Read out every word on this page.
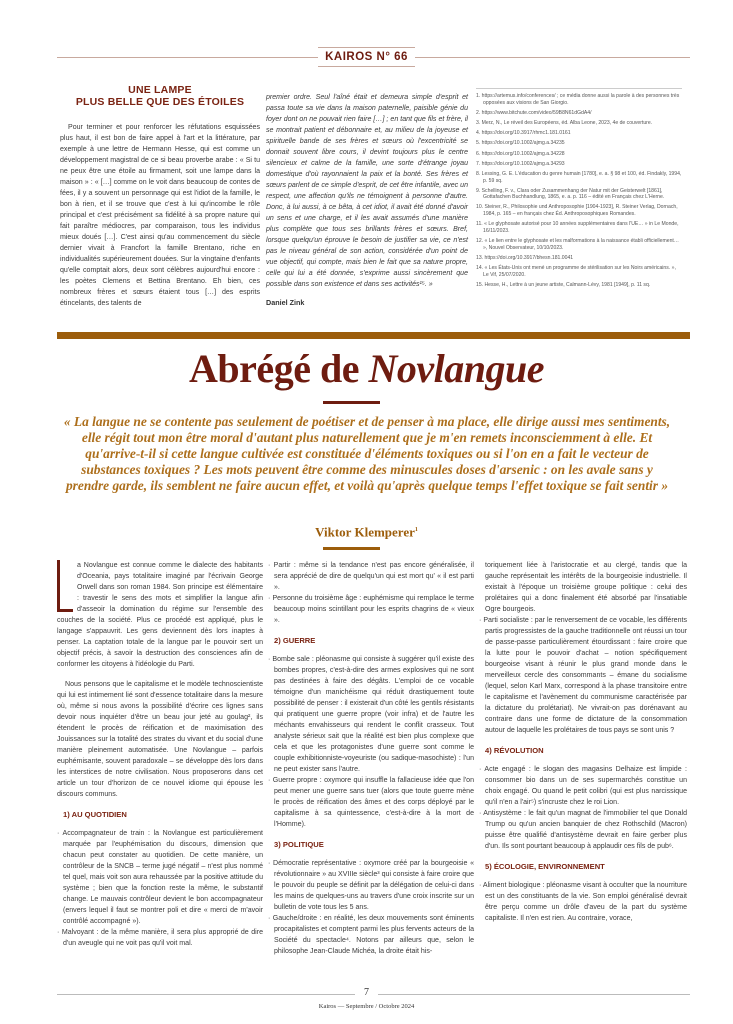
KAIROS N° 66
UNE LAMPE
PLUS BELLE QUE DES ÉTOILES
Pour terminer et pour renforcer les réfutations esquissées plus haut, il est bon de faire appel à l'art et la littérature, par exemple à une lettre de Hermann Hesse, qui est comme un développement magistral de ce si beau proverbe arabe : « Si tu ne peux être une étoile au firmament, soit une lampe dans la maison » : « […] comme on le voit dans beaucoup de contes de fées, il y a souvent un personnage qui est l'idiot de la famille, le bon à rien, et il se trouve que c'est à lui qu'incombe le rôle principal et c'est précisément sa fidélité à sa propre nature qui fait paraître médiocres, par comparaison, tous les individus mieux doués […]. C'est ainsi qu'au commencement du siècle dernier vivait à Francfort la famille Brentano, riche en individualités supérieurement douées. Sur la vingtaine d'enfants qu'elle comptait alors, deux sont célèbres aujourd'hui encore : les poètes Clemens et Bettina Brentano. Eh bien, ces nombreux frères et sœurs étaient tous […] des esprits étincelants, des talents de
premier ordre. Seul l'aîné était et demeura simple d'esprit et passa toute sa vie dans la maison paternelle, paisible génie du foyer dont on ne pouvait rien faire […] ; en tant que fils et frère, il se montrait patient et débonnaire et, au milieu de la joyeuse et spirituelle bande de ses frères et sœurs où l'excentricité se donnait souvent libre cours, il devint toujours plus le centre silencieux et calme de la famille, une sorte d'étrange joyau domestique d'où rayonnaient la paix et la bonté. Ses frères et sœurs parlent de ce simple d'esprit, de cet être infantile, avec un respect, une affection qu'ils ne témoignent à personne d'autre. Donc, à lui aussi, à ce bêta, à cet idiot, il avait été donné d'avoir un sens et une charge, et il les avait assumés d'une manière plus complète que tous ses brillants frères et sœurs. Bref, lorsque quelqu'un éprouve le besoin de justifier sa vie, ce n'est pas le niveau général de son action, considérée d'un point de vue objectif, qui compte, mais bien le fait que sa nature propre, celle qui lui a été donnée, s'exprime aussi sincèrement que possible dans son existence et dans ses activités¹⁵. »
Daniel Zink
1. https://artemus.info/conferences/ ; ce média donne aussi la parole à des personnes très opposées aux visions de San Giorgio.
2. https://www.bitchute.com/video/59B8N61dGdA4/
3. Merz, N., Le réveil des Européens, éd. Alba Leone, 2023, 4e de couverture.
4. https://doi.org/10.3917/rhmc1.181.0161
5. https://doi.org/10.1002/ajmg.a.34235
6. https://doi.org/10.1002/ajmg.a.34228
7. https://doi.org/10.1002/ajmg.a.34293
8. Lessing, G. E. L'éducation du genre humain [1780], e. a. § 98 et 100, éd. Findakly, 1994, p. 59 sq.
9. Schelling, F. v., Clara oder Zusammenhang der Natur mit der Geisterwelt [1861], Gottafachen Buchhandlung, 1865, e. a. p. 116 – édité en Français chez L'Herne.
10. Steiner, R., Philosophie und Anthroposophie [1904-1923], R. Steiner Verlag, Dornach, 1984, p. 165 – en français chez Éd. Anthroposophiques Romandes.
11. « Le glyphosate autorisé pour 10 années supplémentaires dans l'UE… » in Le Monde, 16/11/2023.
12. « Le lien entre le glyphosate et les malformations à la naissance établi officiellement… », Nouvel Observateur, 10/10/2023.
13. https://doi.org/10.3917/bhesn.181.0041
14. « Les États-Unis ont mené un programme de stérilisation sur les Noirs américains. », Le Vif, 25/07/2020.
15. Hesse, H., Lettre à un jeune artiste, Calmann-Lévy, 1981 [1949], p. 11 sq.
Abrégé de Novlangue
« La langue ne se contente pas seulement de poétiser et de penser à ma place, elle dirige aussi mes sentiments, elle régit tout mon être moral d'autant plus naturellement que je m'en remets inconsciemment à elle. Et qu'arrive-t-il si cette langue cultivée est constituée d'éléments toxiques ou si l'on en a fait le vecteur de substances toxiques ? Les mots peuvent être comme des minuscules doses d'arsenic : on les avale sans y prendre garde, ils semblent ne faire aucun effet, et voilà qu'après quelque temps l'effet toxique se fait sentir »
Viktor Klemperer$^1$
a Novlangue est connue comme le dialecte des habitants d'Oceania, pays totalitaire imaginé par l'écrivain George Orwell dans son roman 1984. Son principe est élémentaire : travestir le sens des mots et simplifier la langue afin d'asseoir la domination du régime sur l'ensemble des couches de la société. Plus ce procédé est appliqué, plus le langage s'appauvrit. Les gens deviennent dès lors inaptes à penser. La captation totale de la langue par le pouvoir sert un objectif précis, à savoir la destruction des consciences afin de conformer les citoyens à l'idéologie du Parti.
Nous pensons que le capitalisme et le modèle technoscientiste qui lui est intimement lié sont d'essence totalitaire dans la mesure où, même si nous avons la possibilité d'écrire ces lignes sans devoir nous inquiéter d'être un beau jour jeté au goulag², ils étendent le procès de réification et de maximisation des Jouissances sur la totalité des strates du vivant et du social d'une manière pleinement automatisée. Une Novlangue – parfois euphémisante, souvent paradoxale – se développe dès lors dans les interstices de notre civilisation. Nous proposerons dans cet article un tour d'horizon de ce nouvel idiome qui épouse les discours communs.
1) AU QUOTIDIEN
· Accompagnateur de train : la Novlangue est particulièrement marquée par l'euphémisation du discours, dimension que chacun peut constater au quotidien. De cette manière, un contrôleur de la SNCB – terme jugé négatif – n'est plus nommé tel quel, mais voit son aura rehaussée par la positive attitude du système ; bien que la fonction reste la même, le substantif change. Le mauvais contrôleur devient le bon accompagnateur (envers lequel il faut se montrer poli et dire « merci de m'avoir contrôlé accompagné »).
· Malvoyant : de la même manière, il sera plus approprié de dire d'un aveugle qui ne voit pas qu'il voit mal.
· Partir : même si la tendance n'est pas encore généralisée, il sera apprécié de dire de quelqu'un qui est mort qu' « il est parti ».
· Personne du troisième âge : euphémisme qui remplace le terme beaucoup moins scintillant pour les esprits chagrins de « vieux ».
2) GUERRE
· Bombe sale : pléonasme qui consiste à suggérer qu'il existe des bombes propres, c'est-à-dire des armes explosives qui ne sont pas destinées à faire des dégâts. L'emploi de ce vocable témoigne d'un manichéisme qui réduit drastiquement toute possibilité de penser : il existerait d'un côté les gentils résistants qui pratiquent une guerre propre (voir infra) et de l'autre les méchants envahisseurs qui rendent le conflit crasseux. Tout analyste sérieux sait que la réalité est bien plus complexe que cela et que les protagonistes d'une guerre sont comme le couple exhibitionniste-voyeuriste (ou sadique-masochiste) : l'un ne peut exister sans l'autre.
· Guerre propre : oxymore qui insuffle la fallacieuse idée que l'on peut mener une guerre sans tuer (alors que toute guerre mène le procès de réification des âmes et des corps déployé par le capitalisme à sa quintessence, c'est-à-dire à la mort de l'Homme).
3) POLITIQUE
· Démocratie représentative : oxymore créé par la bourgeoisie « révolutionnaire » au XVIIIe siècle³ qui consiste à faire croire que le pouvoir du peuple se définit par la délégation de celui-ci dans les mains de quelques-uns au travers d'une croix inscrite sur un bulletin de vote tous les 5 ans.
· Gauche/droite : en réalité, les deux mouvements sont éminents procapitalistes et comptent parmi les plus fervents acteurs de la Société du spectacle⁴. Notons par ailleurs que, selon le philosophe Jean-Claude Michéa, la droite était his-
toriquement liée à l'aristocratie et au clergé, tandis que la gauche représentait les intérêts de la bourgeoisie industrielle. Il existait à l'époque un troisième groupe politique : celui des prolétaires qui a donc finalement été absorbé par l'insatiable Ogre bourgeois.
· Parti socialiste : par le renversement de ce vocable, les différents partis progressistes de la gauche traditionnelle ont réussi un tour de passe-passe particulièrement étourdissant : faire croire que la lutte pour le pouvoir d'achat – notion spécifiquement bourgeoise visant à réunir le plus grand monde dans le merveilleux cercle des consommants – émane du socialisme (lequel, selon Karl Marx, correspond à la phase transitoire entre le capitalisme et l'avènement du communisme caractérisée par la dictature du prolétariat). Ne vivrait-on pas dorénavant au contraire dans une forme de dictature de la consommation autour de laquelle les prolétaires de tous pays se sont unis ?
4) RÉVOLUTION
· Acte engagé : le slogan des magasins Delhaize est limpide : consommer bio dans un de ses supermarchés constitue un choix engagé. Ou quand le petit colibri (qui est plus narcissique qu'il n'en a l'air⁵) s'incruste chez le roi Lion.
· Antisystème : le fait qu'un magnat de l'immobilier tel que Donald Trump ou qu'un ancien banquier de chez Rothschild (Macron) puisse être qualifié d'antisystème devrait en faire gerber plus d'un. Ils sont pourtant beaucoup à applaudir ces fils de pub⁶.
5) ÉCOLOGIE, ENVIRONNEMENT
· Aliment biologique : pléonasme visant à occulter que la nourriture est un des constituants de la vie. Son emploi généralisé devrait être perçu comme un drôle d'aveu de la part du système capitaliste. Il n'en est rien. Au contraire, vorace,
7
Kairos — Septembre / Octobre 2024
